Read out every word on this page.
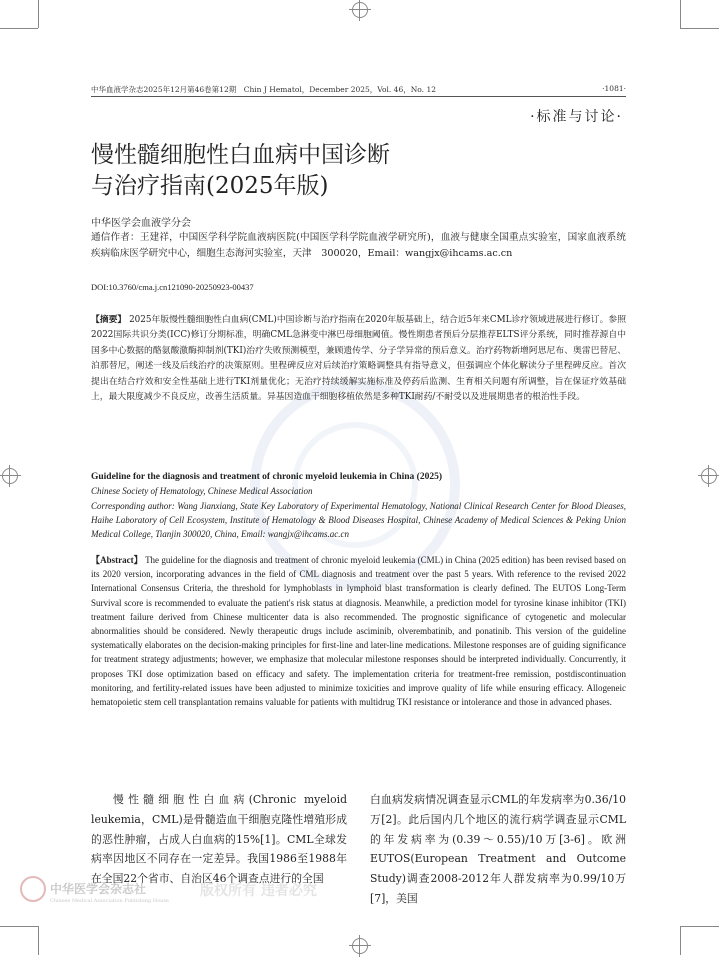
中华血液学杂志2025年12月第46卷第12期　Chin J Hematol，December 2025，Vol. 46，No. 12	·1081·
·标准与讨论·
慢性髓细胞性白血病中国诊断
与治疗指南(2025年版)
中华医学会血液学分会
通信作者：王建祥，中国医学科学院血液病医院(中国医学科学院血液学研究所)，血液与健康全国重点实验室，国家血液系统疾病临床医学研究中心，细胞生态海河实验室，天津　300020，Email：wangjx@ihcams.ac.cn
DOI:10.3760/cma.j.cn121090-20250923-00437
【摘要】 2025年版慢性髓细胞性白血病(CML)中国诊断与治疗指南在2020年版基础上，结合近5年来CML诊疗领域进展进行修订。参照2022国际共识分类(ICC)修订分期标准，明确CML急淋变中淋巴母细胞阈值。慢性期患者预后分层推荐ELTS评分系统，同时推荐源自中国多中心数据的酪氨酸激酶抑制剂(TKI)治疗失败预测模型，兼顾遗传学、分子学异常的预后意义。治疗药物新增阿思尼布、奥雷巴替尼、泊那替尼，阐述一线及后线治疗的决策原则。里程碑反应对后续治疗策略调整具有指导意义，但强调应个体化解读分子里程碑反应。首次提出在结合疗效和安全性基础上进行TKI剂量优化；无治疗持续缓解实施标准及停药后监测、生育相关问题有所调整，旨在保证疗效基础上，最大限度减少不良反应，改善生活质量。异基因造血干细胞移植依然是多种TKI耐药/不耐受以及进展期患者的根治性手段。
Guideline for the diagnosis and treatment of chronic myeloid leukemia in China (2025)
Chinese Society of Hematology, Chinese Medical Association
Corresponding author: Wang Jianxiang, State Key Laboratory of Experimental Hematology, National Clinical Research Center for Blood Dieases, Haihe Laboratory of Cell Ecosystem, Institute of Hematology & Blood Diseases Hospital, Chinese Academy of Medical Sciences & Peking Union Medical College, Tianjin 300020, China, Email: wangjx@ihcams.ac.cn
【Abstract】 The guideline for the diagnosis and treatment of chronic myeloid leukemia (CML) in China (2025 edition) has been revised based on its 2020 version, incorporating advances in the field of CML diagnosis and treatment over the past 5 years. With reference to the revised 2022 International Consensus Criteria, the threshold for lymphoblasts in lymphoid blast transformation is clearly defined. The EUTOS Long-Term Survival score is recommended to evaluate the patient's risk status at diagnosis. Meanwhile, a prediction model for tyrosine kinase inhibitor (TKI) treatment failure derived from Chinese multicenter data is also recommended. The prognostic significance of cytogenetic and molecular abnormalities should be considered. Newly therapeutic drugs include asciminib, olverembatinib, and ponatinib. This version of the guideline systematically elaborates on the decision-making principles for first-line and later-line medications. Milestone responses are of guiding significance for treatment strategy adjustments; however, we emphasize that molecular milestone responses should be interpreted individually. Concurrently, it proposes TKI dose optimization based on efficacy and safety. The implementation criteria for treatment-free remission, postdiscontinuation monitoring, and fertility-related issues have been adjusted to minimize toxicities and improve quality of life while ensuring efficacy. Allogeneic hematopoietic stem cell transplantation remains valuable for patients with multidrug TKI resistance or intolerance and those in advanced phases.
慢性髓细胞性白血病(Chronic myeloid leukemia，CML)是骨髓造血干细胞克隆性增殖形成的恶性肿瘤，占成人白血病的15%[1]。CML全球发病率因地区不同存在一定差异。我国1986至1988年在全国22个省市、自治区46个调查点进行的全国
白血病发病情况调查显示CML的年发病率为0.36/10万[2]。此后国内几个地区的流行病学调查显示CML的年发病率为(0.39～0.55)/10万[3-6]。欧洲EUTOS(European Treatment and Outcome Study)调查2008-2012年人群发病率为0.99/10万[7]，美国
中华医学会杂志社
Chinese Medical Association Publishing House
版权所有 违者必究
